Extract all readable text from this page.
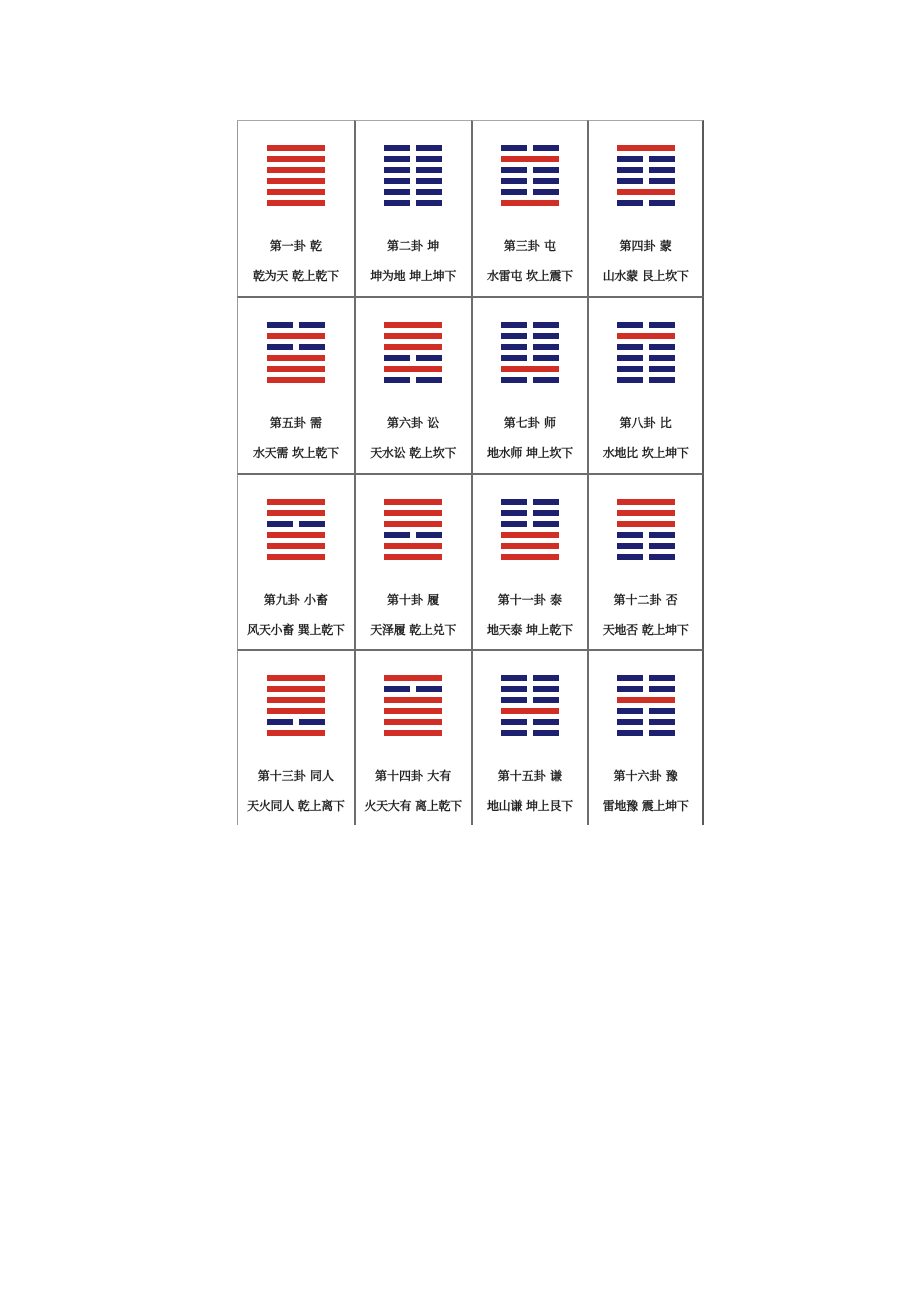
第一卦 乾
乾为天 乾上乾下
第二卦 坤
坤为地 坤上坤下
第三卦 屯
水雷屯 坎上震下
第四卦 蒙
山水蒙 艮上坎下
第五卦 需
水天需 坎上乾下
第六卦 讼
天水讼 乾上坎下
第七卦 师
地水师 坤上坎下
第八卦 比
水地比 坎上坤下
第九卦 小畜
风天小畜 巽上乾下
第十卦 履
天泽履 乾上兑下
第十一卦 泰
地天泰 坤上乾下
第十二卦 否
天地否 乾上坤下
第十三卦 同人
天火同人 乾上离下
第十四卦 大有
火天大有 离上乾下
第十五卦 谦
地山谦 坤上艮下
第十六卦 豫
雷地豫 震上坤下
